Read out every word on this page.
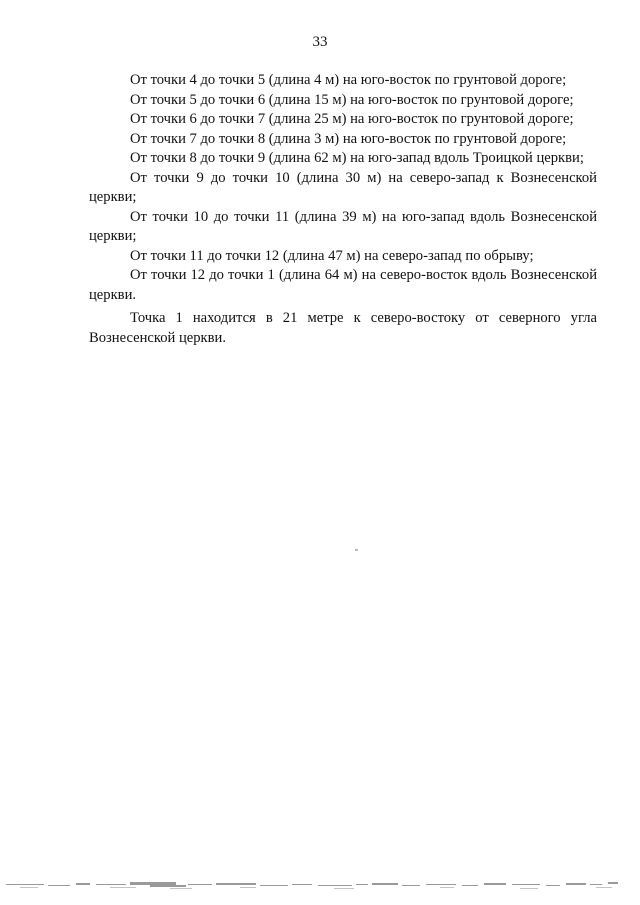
33

От точки 4 до точки 5 (длина 4 м) на юго-восток по грунтовой дороге;

От точки 5 до точки 6 (длина 15 м) на юго-восток по грунтовой дороге;

От точки 6 до точки 7 (длина 25 м) на юго-восток по грунтовой дороге;

От точки 7 до точки 8 (длина 3 м) на юго-восток по грунтовой дороге;

От точки 8 до точки 9 (длина 62 м) на юго-запад вдоль Троицкой церкви;

От точки 9 до точки 10 (длина 30 м) на северо-запад к Вознесенской церкви;

От точки 10 до точки 11 (длина 39 м) на юго-запад вдоль Вознесенской церкви;

От точки 11 до точки 12 (длина 47 м) на северо-запад по обрыву;

От точки 12 до точки 1 (длина 64 м) на северо-восток вдоль Вознесенской церкви.

Точка 1 находится в 21 метре к северо-востоку от северного угла Вознесенской церкви.
